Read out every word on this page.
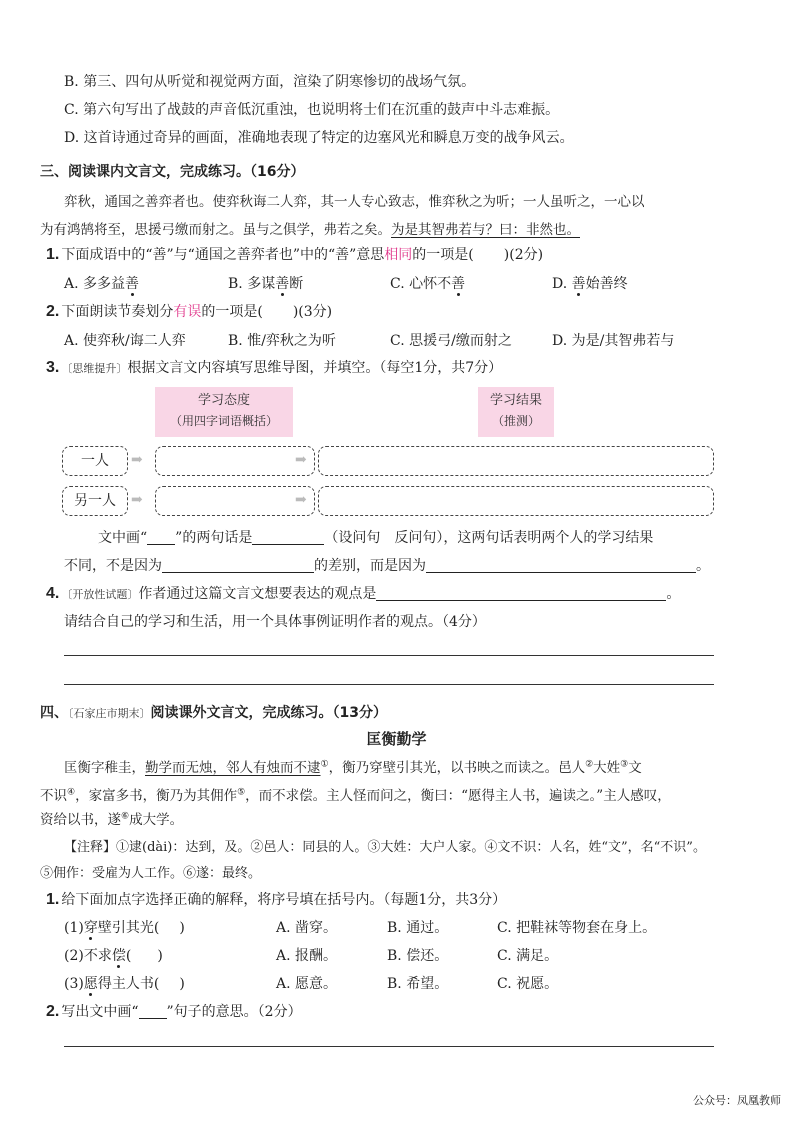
B. 第三、四句从听觉和视觉两方面，渲染了阴寒惨切的战场气氛。
C. 第六句写出了战鼓的声音低沉重浊，也说明将士们在沉重的鼓声中斗志难振。
D. 这首诗通过奇异的画面，准确地表现了特定的边塞风光和瞬息万变的战争风云。
三、阅读课内文言文，完成练习。（16分）
弈秋，通国之善弈者也。使弈秋诲二人弈，其一人专心致志，惟弈秋之为听；一人虽听之，一心以
为有鸿鹄将至，思援弓缴而射之。虽与之俱学，弗若之矣。为是其智弗若与？曰：非然也。
1. 下面成语中的“善”与“通国之善弈者也”中的“善”意思相同的一项是( )(2分)
A. 多多益善	B. 多谋善断	C. 心怀不善	D. 善始善终
2. 下面朗读节奏划分有误的一项是( )(3分)
A. 使弈秋/诲二人弈	B. 惟/弈秋之为听	C. 思援弓/缴而射之	D. 为是/其智弗若与
3. 〔思维提升〕根据文言文内容填写思维导图，并填空。（每空1分，共7分）
学习态度
（用四字词语概括）
学习结果
（推测）
一人	➡	➡
另一人	➡	➡
文中画“ ”的两句话是	（设问句　反问句），这两句话表明两个人的学习结果
不同，不是因为	的差别，而是因为	。
4. 〔开放性试题〕作者通过这篇文言文想要表达的观点是	。
请结合自己的学习和生活，用一个具体事例证明作者的观点。（4分）
四、〔石家庄市期末〕阅读课外文言文，完成练习。（13分）
匡衡勤学
匡衡字稚圭，勤学而无烛，邻人有烛而不逮①，衡乃穿壁引其光，以书映之而读之。邑人②大姓③文
不识④，家富多书，衡乃为其佣作⑤，而不求偿。主人怪而问之，衡曰：“愿得主人书，遍读之。”主人感叹，
资给以书，遂⑥成大学。
【注释】①逮(dài)：达到，及。②邑人：同县的人。③大姓：大户人家。④文不识：人名，姓“文”，名“不识”。
⑤佣作：受雇为人工作。⑥遂：最终。
1. 给下面加点字选择正确的解释，将序号填在括号内。（每题1分，共3分）
(1)穿壁引其光( )	A. 凿穿。	B. 通过。	C. 把鞋袜等物套在身上。
(2)不求偿( )	A. 报酬。	B. 偿还。	C. 满足。
(3)愿得主人书( )	A. 愿意。	B. 希望。	C. 祝愿。
2. 写出文中画“ ”句子的意思。（2分）
公众号：凤凰教师
